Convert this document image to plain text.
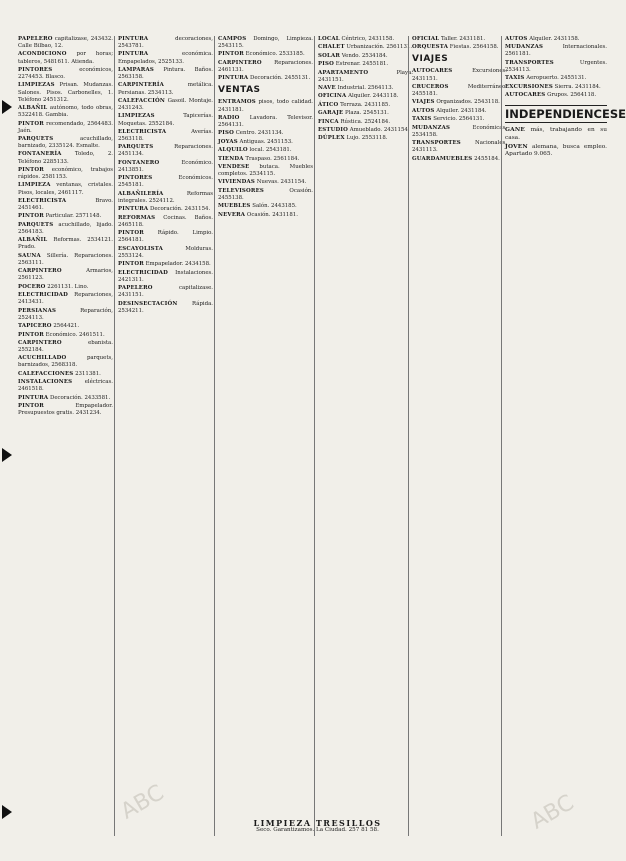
PAPELERO capitalizase, 243432. Calle Bilbao, 12.

ACONDICIONO por horas; tableros, 5481611. Atienda.

PINTORES	económicos, 2274453. Blasco.

LIMPIEZAS Prisan. Mudanzas. Salones. Pisos. Carbonelles, 1. Teléfono 2451312.

ALBAÑIL autónomo, todo obras, 5322418. Gambia.

PINTOR recomendado, 2564483. Jaén.

PARQUETS	acuchillado, barnizado, 2335124. Esmalte.

FONTANERÍA Toledo, 2. Teléfono 2285133.

PINTOR económico, trabajos rápidos. 2581153.

LIMPIEZA ventanas, cristales. Pisos, locales, 2461117.

ELECTRICISTA	Bravo. 2451461.

PINTOR Particular. 2571148.

PARQUETS acuchillado, lijado. 2564183.

ALBAÑIL Reformas. 2534121. Prado.

SAUNA Sillería. Reparaciones. 2563111.

CARPINTERO	Armarios, 2561123.

POCERO 2261131. Lino.

ELECTRICIDAD Reparaciones, 2413431.

PERSIANAS	Reparación, 2524113.

TAPICERO 2564421.

PINTOR Económico. 2461511.

CARPINTERO	ebanista. 2552184.

ACUCHILLADO	parquets, barnizados, 2568318.

CALEFACCIONES 2311381.

INSTALACIONES eléctricas. 2461518.

PINTURA Decoración. 2433581.

PINTOR	Empapelador. Presupuestos gratis. 2431234.

PINTURA	decoraciones, 2543781.

PINTURA	económica. Empapelados, 2525133.

LAMPARAS Pintura. Baños. 2563158.

CARPINTERÍA	metálica. Persianas. 2534113.

CALEFACCIÓN Gasoil. Montaje. 2431243.

LIMPIEZAS	Tapicerías. Moquetas. 2552184.

ELECTRICISTA	Averías. 2563118.

PARQUETS	Reparaciones. 2451134.

FONTANERO	Económico. 2413851.

PINTORES	Económicos. 2545181.

ALBAÑILERÍA	Reformas integrales. 2524112.

PINTURA Decoración. 2431154.

REFORMAS Cocinas. Baños. 2465118.

PINTOR	Rápido. Limpio. 2564181.

ESCAYOLISTA	Molduras. 2553124.

PINTOR Empapelador. 2434158.

ELECTRICIDAD Instalaciones. 2421311.

PAPELERO	capitalizase. 2431151.

DESINSECTACIÓN	Rápida. 2534211.

CAMPOS Domingo, Limpieza. 2543115.

PINTOR Económico. 2533185.

CARPINTERO Reparaciones. 2461131.

PINTURA Decoración. 2455131.

VENTAS

ENTRAMOS pisos, todo calidad. 2431181.

RADIO Lavadora. Televisor. 2564131.

PISO Centro. 2431134.

JOYAS Antiguas. 2451153.

ALQUILO local. 2543181.

TIENDA Traspaso. 2561184.

VENDESE butaca. Muebles completos. 2534115.

VIVIENDAS Nuevas. 2431154.

TELEVISORES	Ocasión. 2455138.

MUEBLES Salón. 2443185.

NEVERA Ocasión. 2431181.

LOCAL Céntrico, 2431158.

CHALET Urbanización. 2561131.

SOLAR Vendo. 2534184.

PISO Estrenar. 2455181.

APARTAMENTO	Playa. 2431151.

NAVE Industrial. 2564113.

OFICINA Alquiler. 2443118.

ÁTICO Terraza. 2431185.

GARAJE Plaza. 2545131.

FINCA Rústica. 2524184.

ESTUDIO Amueblado. 2431154.

DÚPLEX Lujo. 2553118.

OFICIAL Taller. 2431181.

ORQUESTA Fiestas. 2564158.

VIAJES

AUTOCARES	Excursiones. 2431151.

CRUCEROS	Mediterráneo. 2455181.

VIAJES Organizados. 2543118.

AUTOS Alquiler. 2431184.

TAXIS Servicio. 2564131.

MUDANZAS	Económicas. 2534158.

TRANSPORTES	Nacionales. 2431113.

GUARDAMUEBLES 2455184.

AUTOS Alquiler. 2431158.

MUDANZAS	Internacionales. 2561181.

TRANSPORTES	Urgentes. 2534113.

TAXIS Aeropuerto. 2455131.

EXCURSIONES Sierra. 2431184.

AUTOCARES Grupos. 2564118.

INDEPENDIENCESE

GANE más, trabajando en su casa.

JOVEN alemana, busca empleo. Apartado 9.065.

LIMPIEZA TRESILLOS
Seco. Garantizamos. La Ciudad. 257 81 58.
ABC	ABC
